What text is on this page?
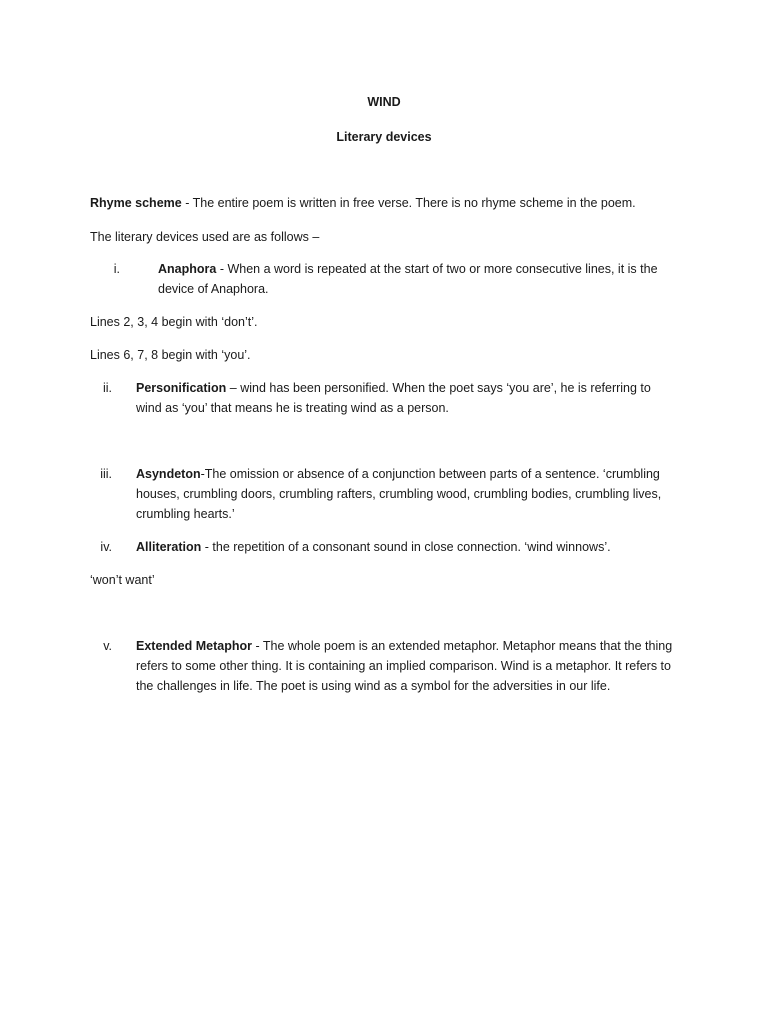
WIND
Literary devices
Rhyme scheme - The entire poem is written in free verse. There is no rhyme scheme in the poem.
The literary devices used are as follows –
i.	Anaphora - When a word is repeated at the start of two or more consecutive lines, it is the device of Anaphora.
Lines 2, 3, 4 begin with ‘don’t’.
Lines 6, 7, 8 begin with ‘you’.
ii. Personification – wind has been personified. When the poet says ‘you are’, he is referring to wind as ‘you’ that means he is treating wind as a person.
iii. Asyndeton-The omission or absence of a conjunction between parts of a sentence. ‘crumbling houses, crumbling doors, crumbling rafters, crumbling wood, crumbling bodies, crumbling lives, crumbling hearts.’
iv. Alliteration - the repetition of a consonant sound in close connection. ‘wind winnows’.
‘won’t want’
v. Extended Metaphor - The whole poem is an extended metaphor. Metaphor means that the thing refers to some other thing. It is containing an implied comparison. Wind is a metaphor. It refers to the challenges in life. The poet is using wind as a symbol for the adversities in our life.
